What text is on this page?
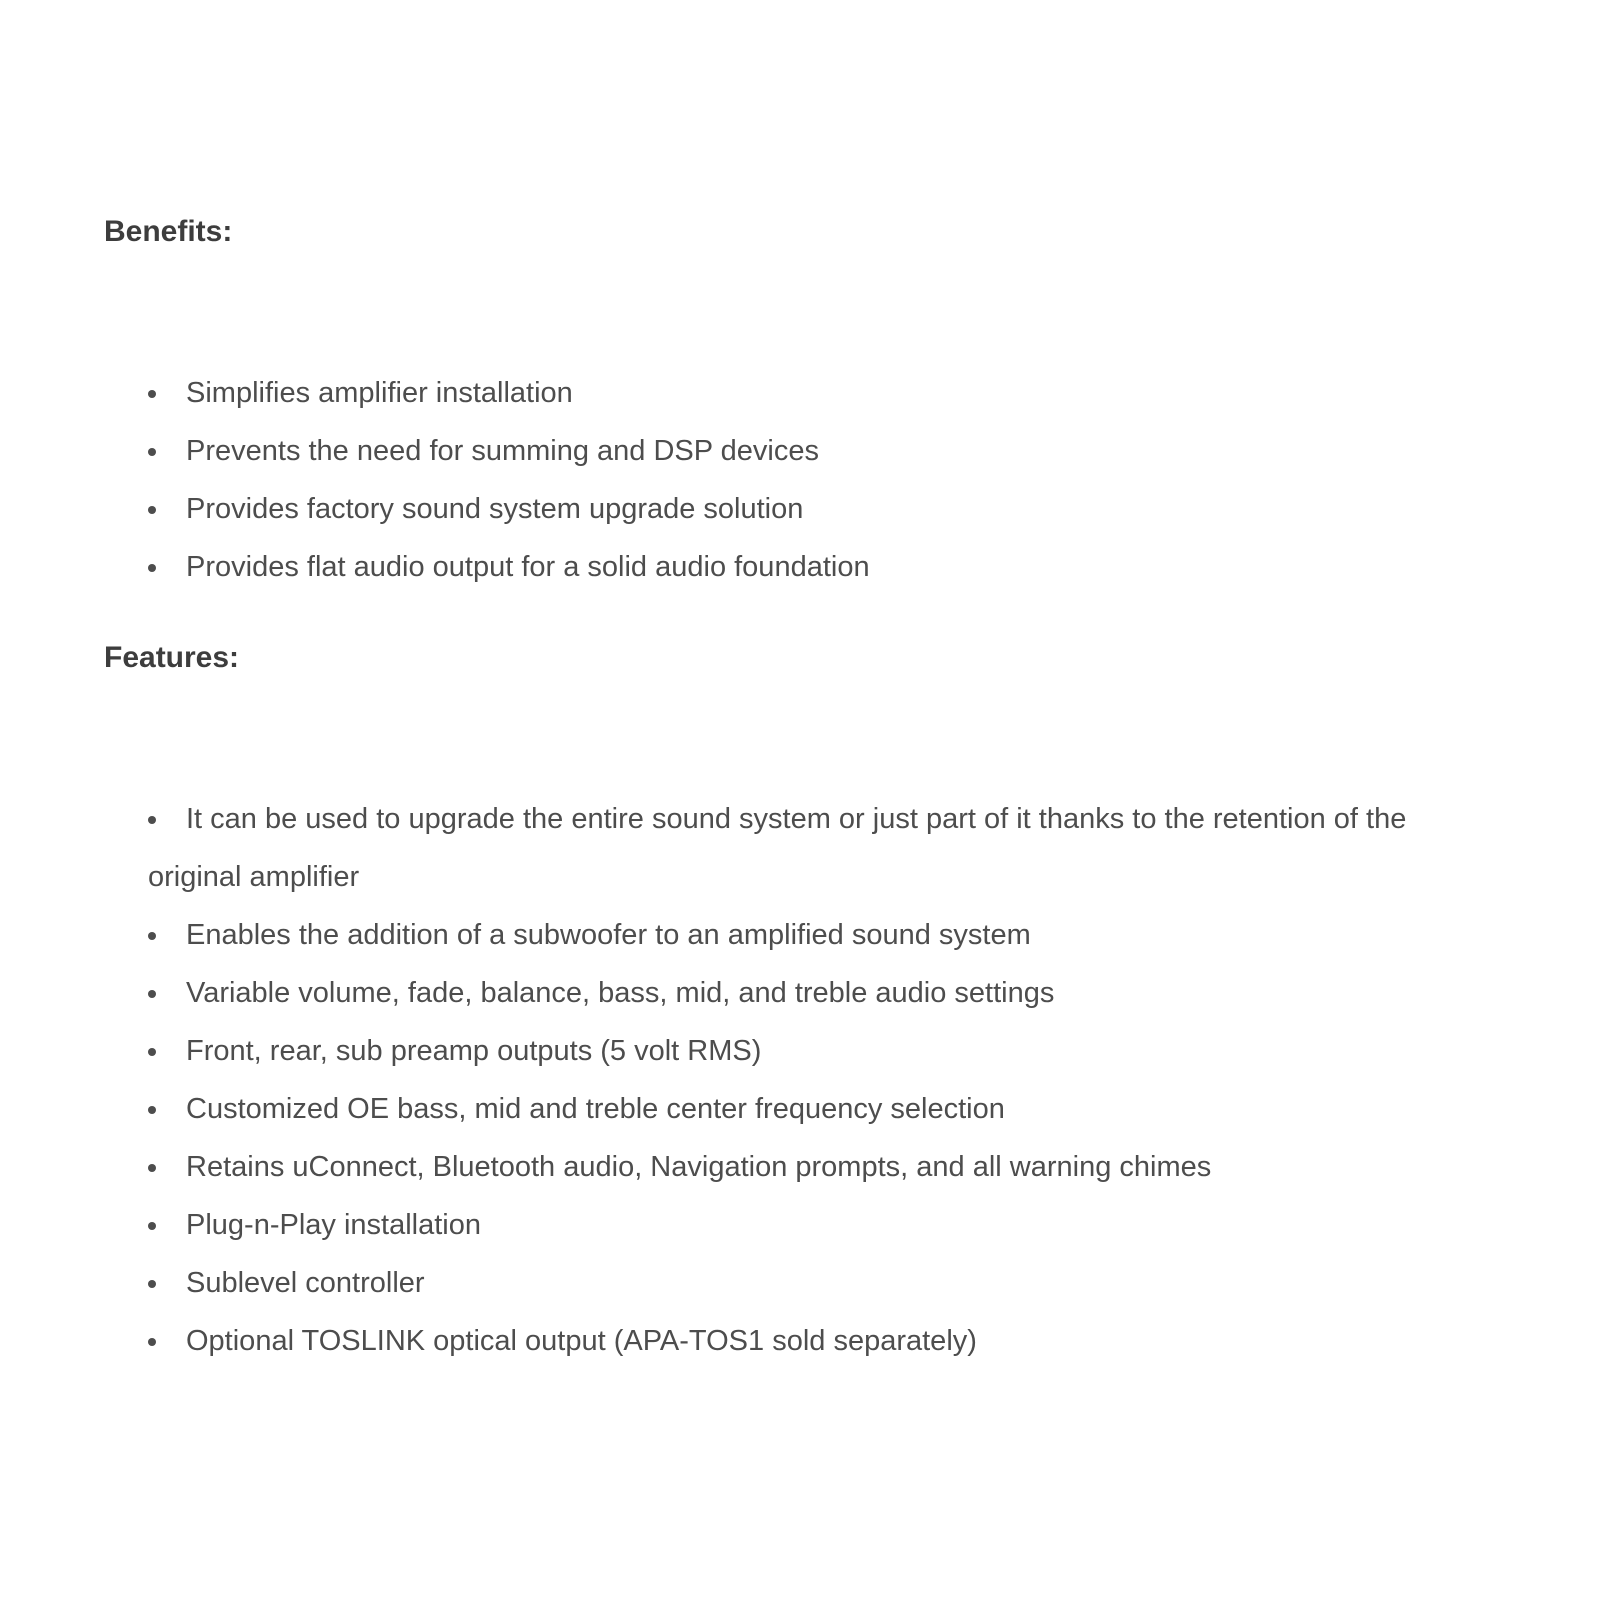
Benefits:
• Simplifies amplifier installation
• Prevents the need for summing and DSP devices
• Provides factory sound system upgrade solution
• Provides flat audio output for a solid audio foundation
Features:
• It can be used to upgrade the entire sound system or just part of it thanks to the retention of the original amplifier
• Enables the addition of a subwoofer to an amplified sound system
• Variable volume, fade, balance, bass, mid, and treble audio settings
• Front, rear, sub preamp outputs (5 volt RMS)
• Customized OE bass, mid and treble center frequency selection
• Retains uConnect, Bluetooth audio, Navigation prompts, and all warning chimes
• Plug-n-Play installation
• Sublevel controller
• Optional TOSLINK optical output (APA-TOS1 sold separately)
